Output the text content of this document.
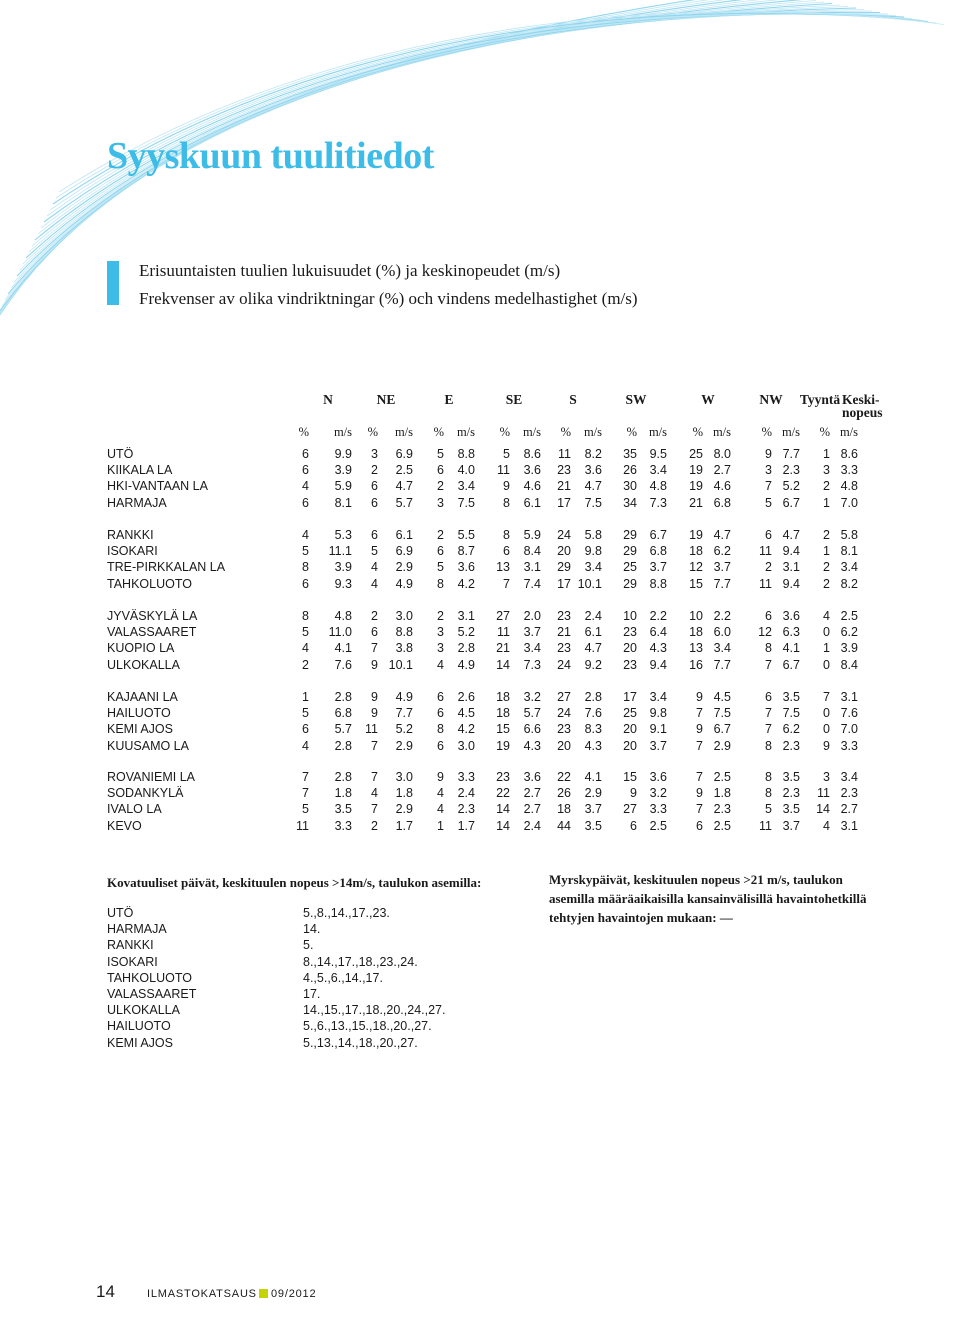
Syyskuun tuulitiedot
Erisuuntaisten tuulien lukuisuudet (%) ja keskinopeudet (m/s)
Frekvenser av olika vindriktningar (%) och vindens medelhastighet (m/s)
N	NE	E	SE	S	SW	W	NW	Tyyntä Keski-
nopeus
%	m/s	%	m/s	%	m/s	%	m/s	%	m/s	% m/s	% m/s	% m/s	% m/s
UTÖ	6	9.9	3	6.9	5	8.8	5	8.6	11	8.2	35	9.5	25 8.0	9 7.7	1 8.6
KIIKALA LA	6	3.9	2	2.5	6	4.0	11	3.6	23	3.6	26	3.4	19 2.7	3 2.3	3 3.3
HKI-VANTAAN LA	4	5.9	6	4.7	2	3.4	9	4.6	21	4.7	30	4.8	19 4.6	7 5.2	2 4.8
HARMAJA	6	8.1	6	5.7	3	7.5	8	6.1	17	7.5	34	7.3	21 6.8	5 6.7	1 7.0
RANKKI	4	5.3	6	6.1	2	5.5	8	5.9	24	5.8	29	6.7	19 4.7	6 4.7	2 5.8
ISOKARI	5	11.1	5	6.9	6	8.7	6	8.4	20	9.8	29	6.8	18 6.2	11 9.4	1 8.1
TRE-PIRKKALAN LA	8	3.9	4	2.9	5	3.6	13	3.1	29	3.4	25	3.7	12 3.7	2 3.1	2 3.4
TAHKOLUOTO	6	9.3	4	4.9	8	4.2	7	7.4	17 10.1	29	8.8	15 7.7	11 9.4	2 8.2
JYVÄSKYLÄ LA	8	4.8	2	3.0	2	3.1	27	2.0	23	2.4	10	2.2	10 2.2	6 3.6	4 2.5
VALASSAARET	5	11.0	6	8.8	3	5.2	11	3.7	21	6.1	23	6.4	18 6.0	12 6.3	0 6.2
KUOPIO LA	4	4.1	7	3.8	3	2.8	21	3.4	23	4.7	20	4.3	13 3.4	8 4.1	1 3.9
ULKOKALLA	2	7.6	9 10.1	4	4.9	14	7.3	24	9.2	23	9.4	16 7.7	7 6.7	0 8.4
KAJAANI LA	1	2.8	9	4.9	6	2.6	18	3.2	27	2.8	17	3.4	9 4.5	6 3.5	7 3.1
HAILUOTO	5	6.8	9	7.7	6	4.5	18	5.7	24	7.6	25	9.8	7 7.5	7 7.5	0 7.6
KEMI AJOS	6	5.7	11	5.2	8	4.2	15	6.6	23	8.3	20	9.1	9 6.7	7 6.2	0 7.0
KUUSAMO LA	4	2.8	7	2.9	6	3.0	19	4.3	20	4.3	20	3.7	7 2.9	8 2.3	9 3.3
ROVANIEMI LA	7	2.8	7	3.0	9	3.3	23	3.6	22	4.1	15	3.6	7 2.5	8 3.5	3 3.4
SODANKYLÄ	7	1.8	4	1.8	4	2.4	22	2.7	26	2.9	9	3.2	9 1.8	8 2.3	11 2.3
IVALO LA	5	3.5	7	2.9	4	2.3	14	2.7	18	3.7	27	3.3	7 2.3	5 3.5	14 2.7
KEVO	11	3.3	2	1.7	1	1.7	14	2.4	44	3.5	6	2.5	6 2.5	11 3.7	4 3.1
Kovatuuliset päivät, keskituulen nopeus >14m/s, taulukon asemilla:
UTÖ	5.,8.,14.,17.,23.
HARMAJA	14.
RANKKI	5.
ISOKARI	8.,14.,17.,18.,23.,24.
TAHKOLUOTO	4.,5.,6.,14.,17.
VALASSAARET	17.
ULKOKALLA	14.,15.,17.,18.,20.,24.,27.
HAILUOTO	5.,6.,13.,15.,18.,20.,27.
KEMI AJOS	5.,13.,14.,18.,20.,27.
Myrskypäivät, keskituulen nopeus >21 m/s, taulukon asemilla määräaikaisilla kansainvälisillä havaintohetkillä tehtyjen havaintojen mukaan: —
14	ILMASTOKATSAUS 09/2012
